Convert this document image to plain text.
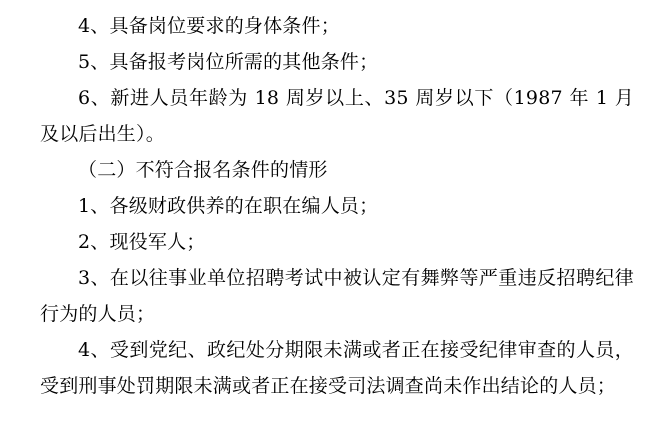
4、具备岗位要求的身体条件；

5、具备报考岗位所需的其他条件；

6、新进人员年龄为 18 周岁以上、35 周岁以下（1987 年 1 月及以后出生）。

（二）不符合报名条件的情形

1、各级财政供养的在职在编人员；

2、现役军人；

3、在以往事业单位招聘考试中被认定有舞弊等严重违反招聘纪律行为的人员；

4、受到党纪、政纪处分期限未满或者正在接受纪律审查的人员，受到刑事处罚期限未满或者正在接受司法调查尚未作出结论的人员；
